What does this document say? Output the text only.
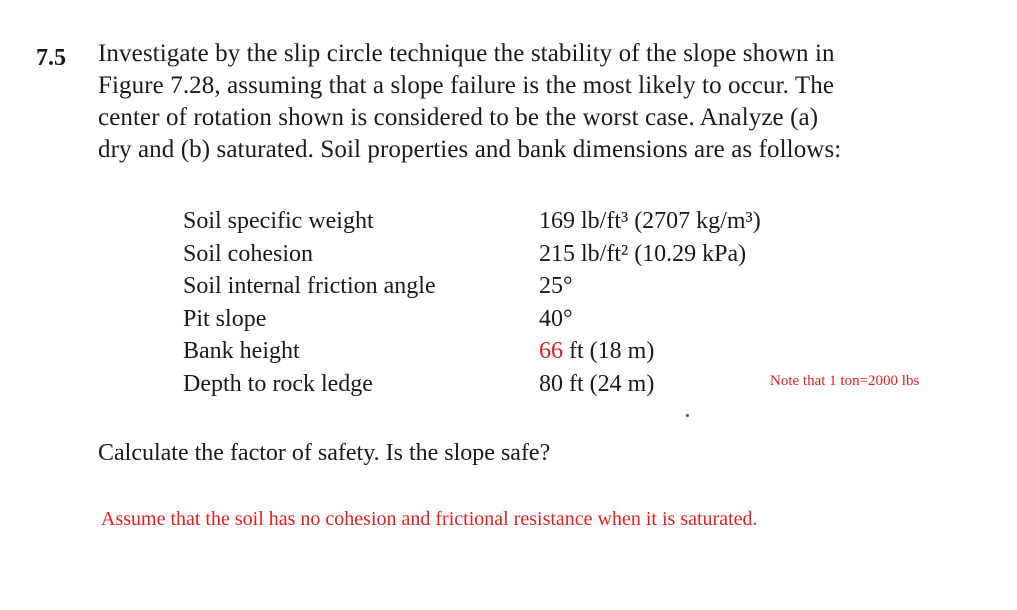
7.5 Investigate by the slip circle technique the stability of the slope shown in
Figure 7.28, assuming that a slope failure is the most likely to occur. The
center of rotation shown is considered to be the worst case. Analyze (a)
dry and (b) saturated. Soil properties and bank dimensions are as follows:
Soil specific weight	169 lb/ft³ (2707 kg/m³)
Soil cohesion	215 lb/ft² (10.29 kPa)
Soil internal friction angle	25°
Pit slope	40°
Bank height	66 ft (18 m)
Depth to rock ledge	80 ft (24 m)	Note that 1 ton=2000 lbs
Calculate the factor of safety. Is the slope safe?
Assume that the soil has no cohesion and frictional resistance when it is saturated.
